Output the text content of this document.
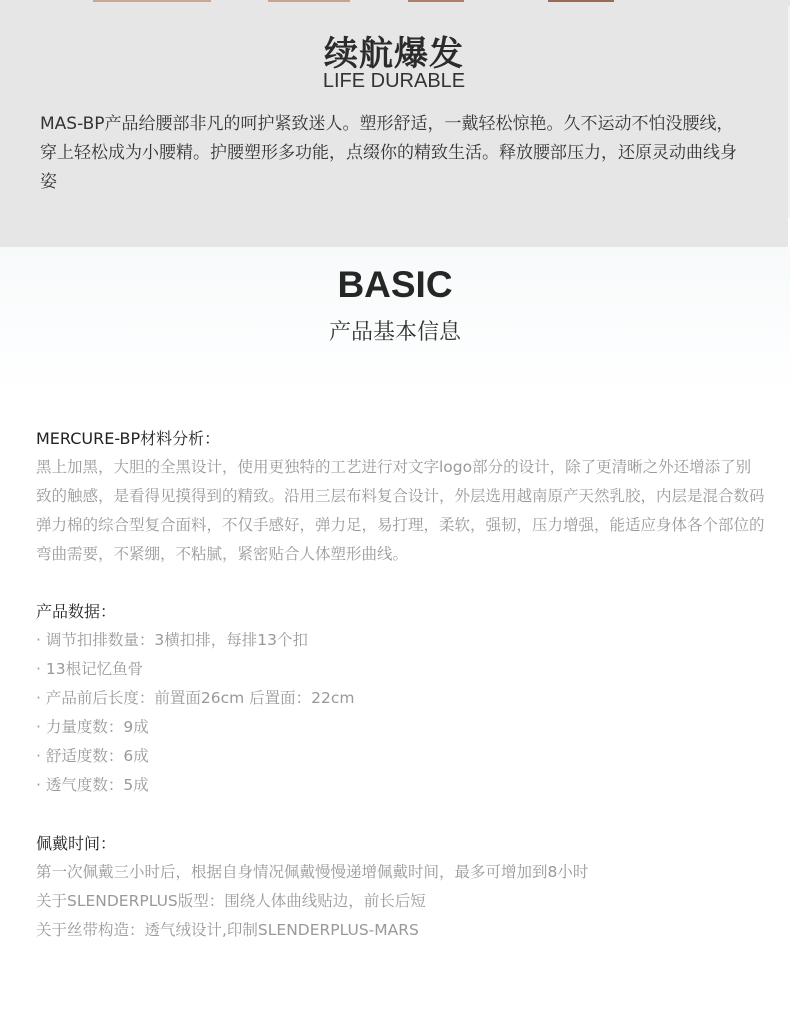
续航爆发
LIFE DURABLE
MAS-BP产品给腰部非凡的呵护紧致迷人。塑形舒适，一戴轻松惊艳。久不运动不怕没腰线，穿上轻松成为小腰精。护腰塑形多功能，点缀你的精致生活。释放腰部压力，还原灵动曲线身姿
BASIC
产品基本信息
MERCURE-BP材料分析：
黑上加黑，大胆的全黑设计，使用更独特的工艺进行对文字logo部分的设计，除了更清晰之外还增添了别致的触感，是看得见摸得到的精致。沿用三层布料复合设计，外层选用越南原产天然乳胶，内层是混合数码弹力棉的综合型复合面料，不仅手感好，弹力足，易打理，柔软，强韧，压力增强，能适应身体各个部位的弯曲需要，不紧绷，不粘腻，紧密贴合人体塑形曲线。
产品数据：
· 调节扣排数量：3横扣排，每排13个扣
· 13根记忆鱼骨
· 产品前后长度：前置面26cm 后置面：22cm
· 力量度数：9成
· 舒适度数：6成
· 透气度数：5成
佩戴时间：
第一次佩戴三小时后，根据自身情况佩戴慢慢递增佩戴时间，最多可增加到8小时
关于SLENDERPLUS版型：围绕人体曲线贴边，前长后短
关于丝带构造：透气绒设计,印制SLENDERPLUS-MARS
